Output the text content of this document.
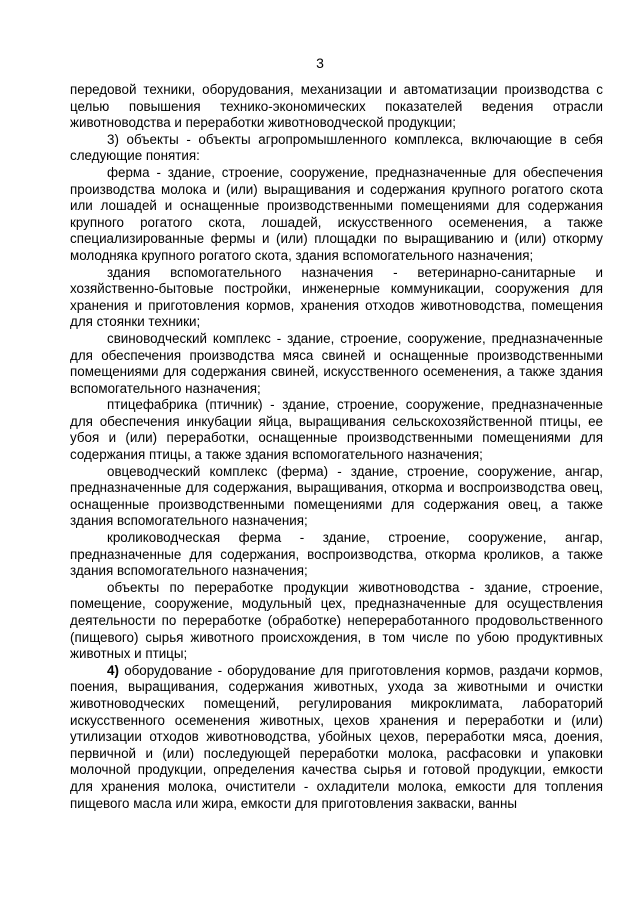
3

передовой техники, оборудования, механизации и автоматизации производства с целью повышения технико-экономических показателей ведения отрасли животноводства и переработки животноводческой продукции;

3) объекты - объекты агропромышленного комплекса, включающие в себя следующие понятия:

ферма - здание, строение, сооружение, предназначенные для обеспечения производства молока и (или) выращивания и содержания крупного рогатого скота или лошадей и оснащенные производственными помещениями для содержания крупного рогатого скота, лошадей, искусственного осеменения, а также специализированные фермы и (или) площадки по выращиванию и (или) откорму молодняка крупного рогатого скота, здания вспомогательного назначения;

здания вспомогательного назначения - ветеринарно-санитарные и хозяйственно-бытовые постройки, инженерные коммуникации, сооружения для хранения и приготовления кормов, хранения отходов животноводства, помещения для стоянки техники;

свиноводческий комплекс - здание, строение, сооружение, предназначенные для обеспечения производства мяса свиней и оснащенные производственными помещениями для содержания свиней, искусственного осеменения, а также здания вспомогательного назначения;

птицефабрика (птичник) - здание, строение, сооружение, предназначенные для обеспечения инкубации яйца, выращивания сельскохозяйственной птицы, ее убоя и (или) переработки, оснащенные производственными помещениями для содержания птицы, а также здания вспомогательного назначения;

овцеводческий комплекс (ферма) - здание, строение, сооружение, ангар, предназначенные для содержания, выращивания, откорма и воспроизводства овец, оснащенные производственными помещениями для содержания овец, а также здания вспомогательного назначения;

кролиководческая ферма - здание, строение, сооружение, ангар, предназначенные для содержания, воспроизводства, откорма кроликов, а также здания вспомогательного назначения;

объекты по переработке продукции животноводства - здание, строение, помещение, сооружение, модульный цех, предназначенные для осуществления деятельности по переработке (обработке) непереработанного продовольственного (пищевого) сырья животного происхождения, в том числе по убою продуктивных животных и птицы;

4) оборудование - оборудование для приготовления кормов, раздачи кормов, поения, выращивания, содержания животных, ухода за животными и очистки животноводческих помещений, регулирования микроклимата, лабораторий искусственного осеменения животных, цехов хранения и переработки и (или) утилизации отходов животноводства, убойных цехов, переработки мяса, доения, первичной и (или) последующей переработки молока, расфасовки и упаковки молочной продукции, определения качества сырья и готовой продукции, емкости для хранения молока, очистители - охладители молока, емкости для топления пищевого масла или жира, емкости для приготовления закваски, ванны
